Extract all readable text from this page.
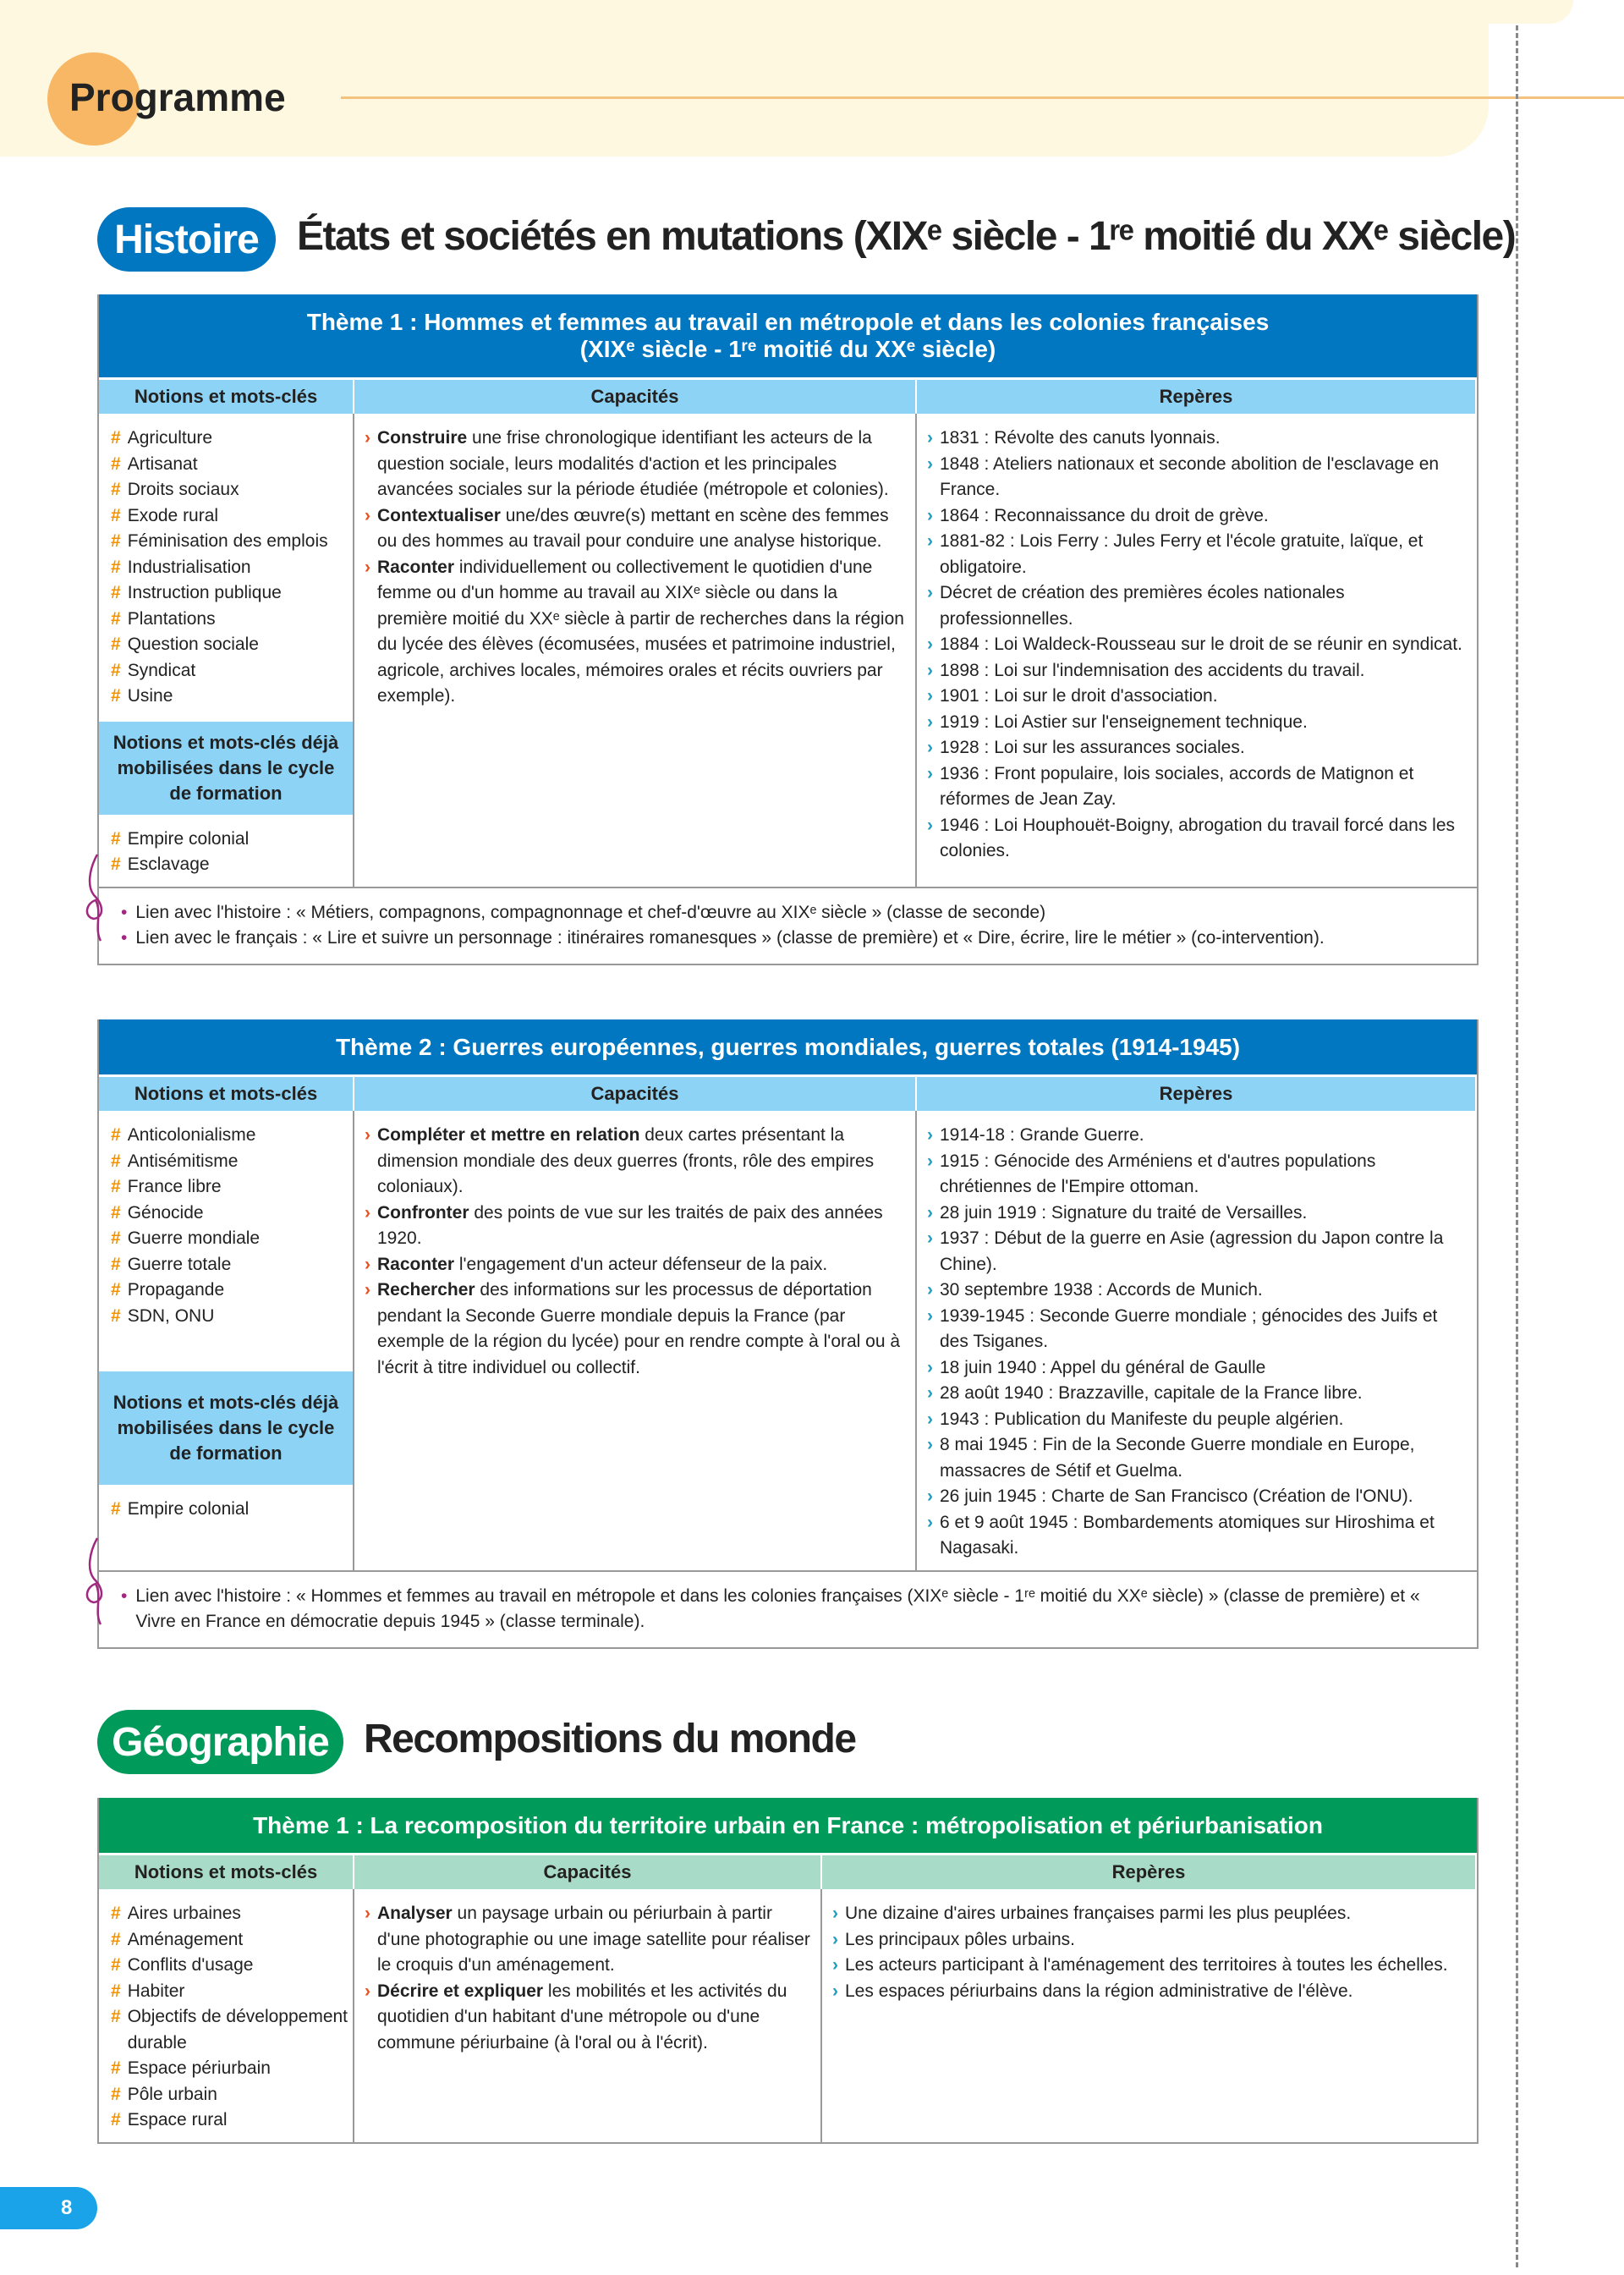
Programme
Histoire États et sociétés en mutations (XIXᵉ siècle - 1ʳᵉ moitié du XXᵉ siècle)
Thème 1 : Hommes et femmes au travail en métropole et dans les colonies françaises
(XIXᵉ siècle - 1ʳᵉ moitié du XXᵉ siècle)
Notions et mots-clés	Capacités	Repères
# Agriculture
# Artisanat
# Droits sociaux
# Exode rural
# Féminisation des emplois
# Industrialisation
# Instruction publique
# Plantations
# Question sociale
# Syndicat
# Usine
Notions et mots-clés déjà mobilisées dans le cycle de formation
# Empire colonial
# Esclavage
› Construire une frise chronologique identifiant les acteurs de la question sociale, leurs modalités d'action et les principales avancées sociales sur la période étudiée (métropole et colonies).
› Contextualiser une/des œuvre(s) mettant en scène des femmes ou des hommes au travail pour conduire une analyse historique.
› Raconter individuellement ou collectivement le quotidien d'une femme ou d'un homme au travail au XIXᵉ siècle ou dans la première moitié du XXᵉ siècle à partir de recherches dans la région du lycée des élèves (écomusées, musées et patrimoine industriel, agricole, archives locales, mémoires orales et récits ouvriers par exemple).
› 1831 : Révolte des canuts lyonnais.
› 1848 : Ateliers nationaux et seconde abolition de l'esclavage en France.
› 1864 : Reconnaissance du droit de grève.
› 1881-82 : Lois Ferry : Jules Ferry et l'école gratuite, laïque, et obligatoire.
› Décret de création des premières écoles nationales professionnelles.
› 1884 : Loi Waldeck-Rousseau sur le droit de se réunir en syndicat.
› 1898 : Loi sur l'indemnisation des accidents du travail.
› 1901 : Loi sur le droit d'association.
› 1919 : Loi Astier sur l'enseignement technique.
› 1928 : Loi sur les assurances sociales.
› 1936 : Front populaire, lois sociales, accords de Matignon et réformes de Jean Zay.
› 1946 : Loi Houphouët-Boigny, abrogation du travail forcé dans les colonies.
• Lien avec l'histoire : « Métiers, compagnons, compagnonnage et chef-d'œuvre au XIXᵉ siècle » (classe de seconde)
• Lien avec le français : « Lire et suivre un personnage : itinéraires romanesques » (classe de première) et « Dire, écrire, lire le métier » (co-intervention).
Thème 2 : Guerres européennes, guerres mondiales, guerres totales (1914-1945)
Notions et mots-clés	Capacités	Repères
# Anticolonialisme
# Antisémitisme
# France libre
# Génocide
# Guerre mondiale
# Guerre totale
# Propagande
# SDN, ONU
Notions et mots-clés déjà mobilisées dans le cycle de formation
# Empire colonial
› Compléter et mettre en relation deux cartes présentant la dimension mondiale des deux guerres (fronts, rôle des empires coloniaux).
› Confronter des points de vue sur les traités de paix des années 1920.
› Raconter l'engagement d'un acteur défenseur de la paix.
› Rechercher des informations sur les processus de déportation pendant la Seconde Guerre mondiale depuis la France (par exemple de la région du lycée) pour en rendre compte à l'oral ou à l'écrit à titre individuel ou collectif.
› 1914-18 : Grande Guerre.
› 1915 : Génocide des Arméniens et d'autres populations chrétiennes de l'Empire ottoman.
› 28 juin 1919 : Signature du traité de Versailles.
› 1937 : Début de la guerre en Asie (agression du Japon contre la Chine).
› 30 septembre 1938 : Accords de Munich.
› 1939-1945 : Seconde Guerre mondiale ; génocides des Juifs et des Tsiganes.
› 18 juin 1940 : Appel du général de Gaulle
› 28 août 1940 : Brazzaville, capitale de la France libre.
› 1943 : Publication du Manifeste du peuple algérien.
› 8 mai 1945 : Fin de la Seconde Guerre mondiale en Europe, massacres de Sétif et Guelma.
› 26 juin 1945 : Charte de San Francisco (Création de l'ONU).
› 6 et 9 août 1945 : Bombardements atomiques sur Hiroshima et Nagasaki.
• Lien avec l'histoire : « Hommes et femmes au travail en métropole et dans les colonies françaises (XIXᵉ siècle - 1ʳᵉ moitié du XXᵉ siècle) » (classe de première) et « Vivre en France en démocratie depuis 1945 » (classe terminale).
Géographie Recompositions du monde
Thème 1 : La recomposition du territoire urbain en France : métropolisation et périurbanisation
Notions et mots-clés	Capacités	Repères
# Aires urbaines
# Aménagement
# Conflits d'usage
# Habiter
# Objectifs de développement durable
# Espace périurbain
# Pôle urbain
# Espace rural
› Analyser un paysage urbain ou périurbain à partir d'une photographie ou une image satellite pour réaliser le croquis d'un aménagement.
› Décrire et expliquer les mobilités et les activités du quotidien d'un habitant d'une métropole ou d'une commune périurbaine (à l'oral ou à l'écrit).
› Une dizaine d'aires urbaines françaises parmi les plus peuplées.
› Les principaux pôles urbains.
› Les acteurs participant à l'aménagement des territoires à toutes les échelles.
› Les espaces périurbains dans la région administrative de l'élève.
8
